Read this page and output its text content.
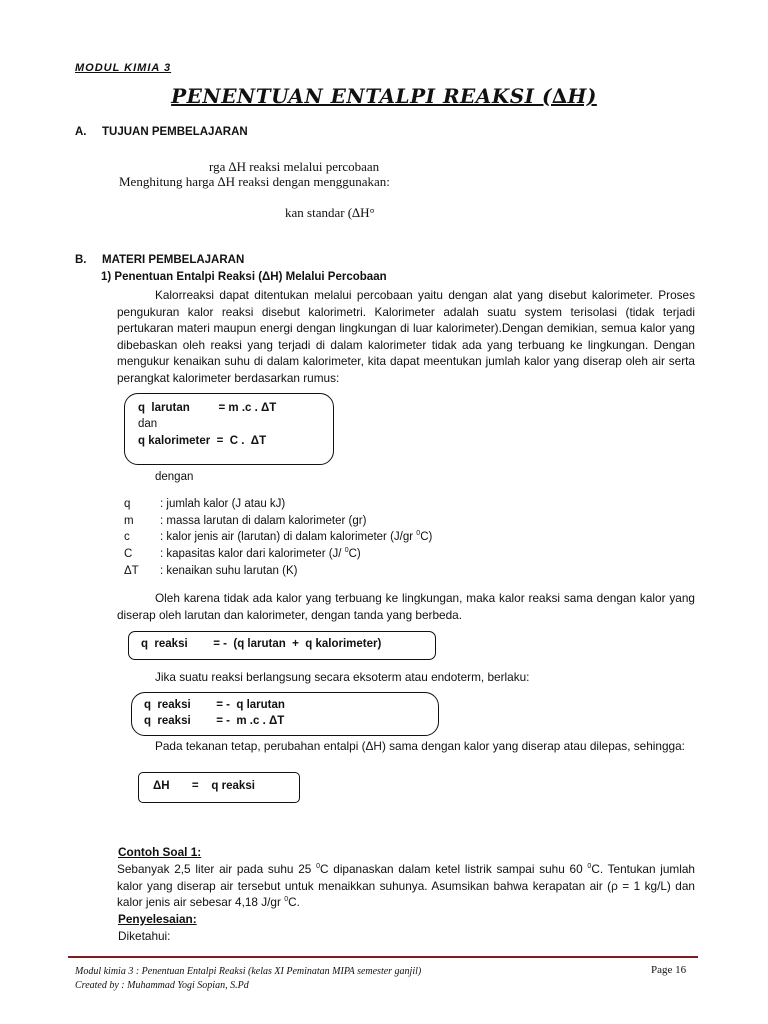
MODUL KIMIA 3
PENENTUAN ENTALPI REAKSI (∆H)
A. TUJUAN PEMBELAJARAN
rga ∆H reaksi melalui percobaan
Menghitung harga ∆H reaksi dengan menggunakan:
kan standar (∆H°
B. MATERI PEMBELAJARAN
1) Penentuan Entalpi Reaksi (ΔH) Melalui Percobaan
Kalorreaksi dapat ditentukan melalui percobaan yaitu dengan alat yang disebut kalorimeter. Proses pengukuran kalor reaksi disebut kalorimetri. Kalorimeter adalah suatu system terisolasi (tidak terjadi pertukaran materi maupun energi dengan lingkungan di luar kalorimeter).Dengan demikian, semua kalor yang dibebaskan oleh reaksi yang terjadi di dalam kalorimeter tidak ada yang terbuang ke lingkungan. Dengan mengukur kenaikan suhu di dalam kalorimeter, kita dapat meentukan jumlah kalor yang diserap oleh air serta perangkat kalorimeter berdasarkan rumus:
q  larutan         = m .c . ΔT
dan
q kalorimeter  =  C .  ΔT
dengan
q	: jumlah kalor (J atau kJ)
m : massa larutan di dalam kalorimeter (gr)
c	: kalor jenis air (larutan) di dalam kalorimeter (J/gr $^0$C)
C : kapasitas kalor dari kalorimeter (J/ $^0$C)
ΔT : kenaikan suhu larutan (K)
Oleh karena tidak ada kalor yang terbuang ke lingkungan, maka kalor reaksi sama dengan kalor yang diserap oleh larutan dan kalorimeter, dengan tanda yang berbeda.
q  reaksi        = -  (q larutan  +  q kalorimeter)
Jika suatu reaksi berlangsung secara eksoterm atau endoterm, berlaku:
q  reaksi        = -  q larutan
q  reaksi        = -  m .c . ΔT
Pada tekanan tetap, perubahan entalpi (ΔH) sama dengan kalor yang diserap atau dilepas, sehingga:
ΔH       =    q reaksi
Contoh Soal 1:
Sebanyak 2,5 liter air pada suhu 25 $^0$C dipanaskan dalam ketel listrik sampai suhu 60 $^0$C. Tentukan jumlah kalor yang diserap air tersebut untuk menaikkan suhunya. Asumsikan bahwa kerapatan air (ρ = 1 kg/L) dan kalor jenis air sebesar 4,18 J/gr $^0$C.
Penyelesaian:
Diketahui:
Modul kimia 3 : Penentuan Entalpi Reaksi (kelas XI Peminatan MIPA semester ganjil)
Created by : Muhammad Yogi Sopian, S.Pd
Page 16
